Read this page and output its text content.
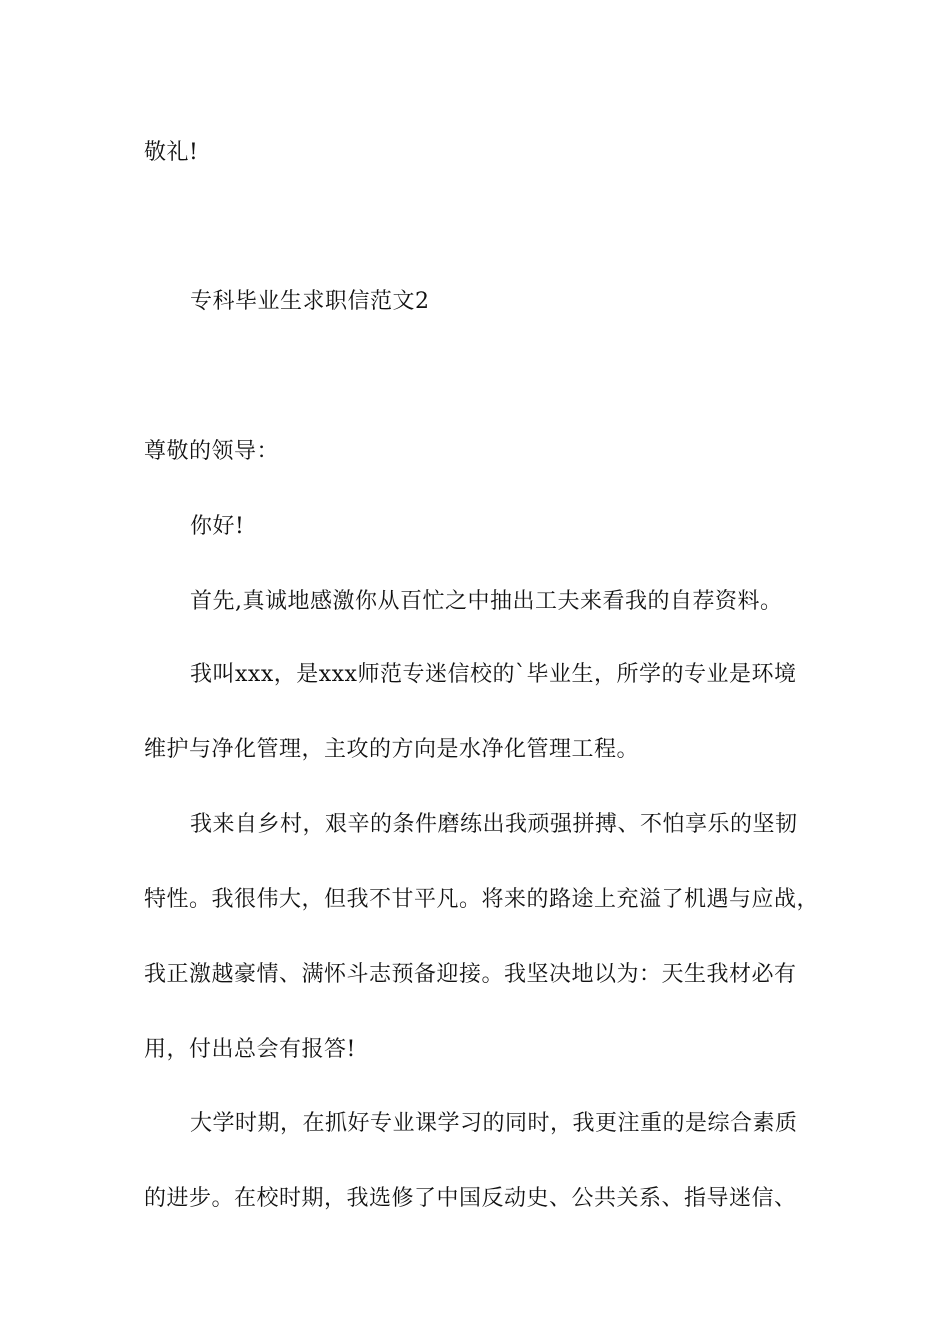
敬礼!
专科毕业生求职信范文2
尊敬的领导：
你好!
首先,真诚地感激你从百忙之中抽出工夫来看我的自荐资料。
我叫xxx，是xxx师范专迷信校的`毕业生，所学的专业是环境
维护与净化管理，主攻的方向是水净化管理工程。
我来自乡村，艰辛的条件磨练出我顽强拼搏、不怕享乐的坚韧
特性。我很伟大，但我不甘平凡。将来的路途上充溢了机遇与应战，
我正激越豪情、满怀斗志预备迎接。我坚决地以为：天生我材必有
用，付出总会有报答!
大学时期，在抓好专业课学习的同时，我更注重的是综合素质
的进步。在校时期，我选修了中国反动史、公共关系、指导迷信、
